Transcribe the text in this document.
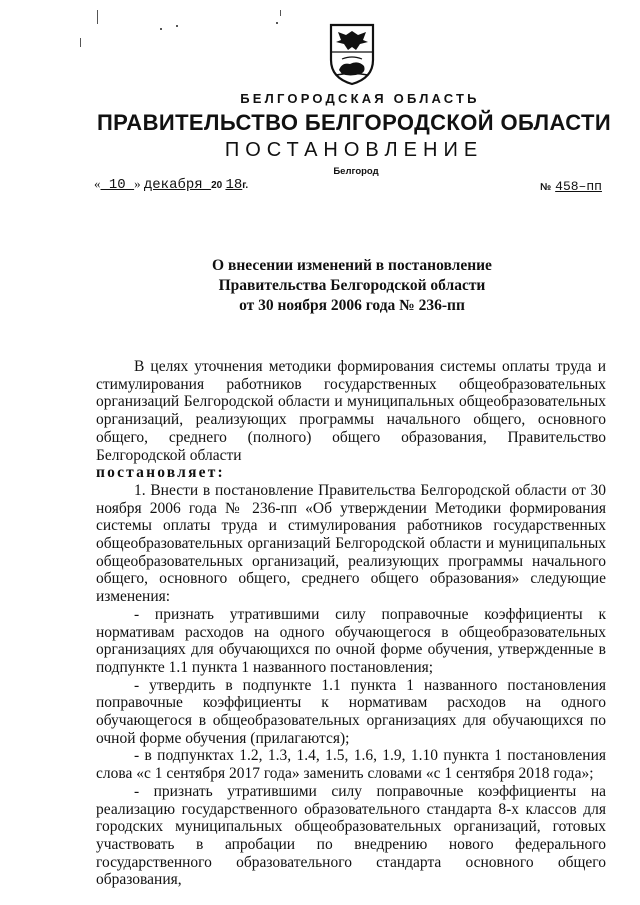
БЕЛГОРОДСКАЯ ОБЛАСТЬ
ПРАВИТЕЛЬСТВО БЕЛГОРОДСКОЙ ОБЛАСТИ
ПОСТАНОВЛЕНИЕ
Белгород
« 10 » декабря 20 18г.	№ 458–пп
О внесении изменений в постановление
Правительства Белгородской области
от 30 ноября 2006 года № 236-пп

В целях уточнения методики формирования системы оплаты труда и стимулирования работников государственных общеобразовательных организаций Белгородской области и муниципальных общеобразовательных организаций, реализующих программы начального общего, основного общего, среднего (полного) общего образования, Правительство Белгородской области

постановляет:

1. Внести в постановление Правительства Белгородской области от 30 ноября 2006 года № 236-пп «Об утверждении Методики формирования системы оплаты труда и стимулирования работников государственных общеобразовательных организаций Белгородской области и муниципальных общеобразовательных организаций, реализующих программы начального общего, основного общего, среднего общего образования» следующие изменения:

- признать утратившими силу поправочные коэффициенты к нормативам расходов на одного обучающегося в общеобразовательных организациях для обучающихся по очной форме обучения, утвержденные в подпункте 1.1 пункта 1 названного постановления;

- утвердить в подпункте 1.1 пункта 1 названного постановления поправочные коэффициенты к нормативам расходов на одного обучающегося в общеобразовательных организациях для обучающихся по очной форме обучения (прилагаются);

- в подпунктах 1.2, 1.3, 1.4, 1.5, 1.6, 1.9, 1.10 пункта 1 постановления слова «с 1 сентября 2017 года» заменить словами «с 1 сентября 2018 года»;

- признать утратившими силу поправочные коэффициенты на реализацию государственного образовательного стандарта 8-х классов для городских муниципальных общеобразовательных организаций, готовых участвовать в апробации по внедрению нового федерального государственного образовательного стандарта основного общего образования,
